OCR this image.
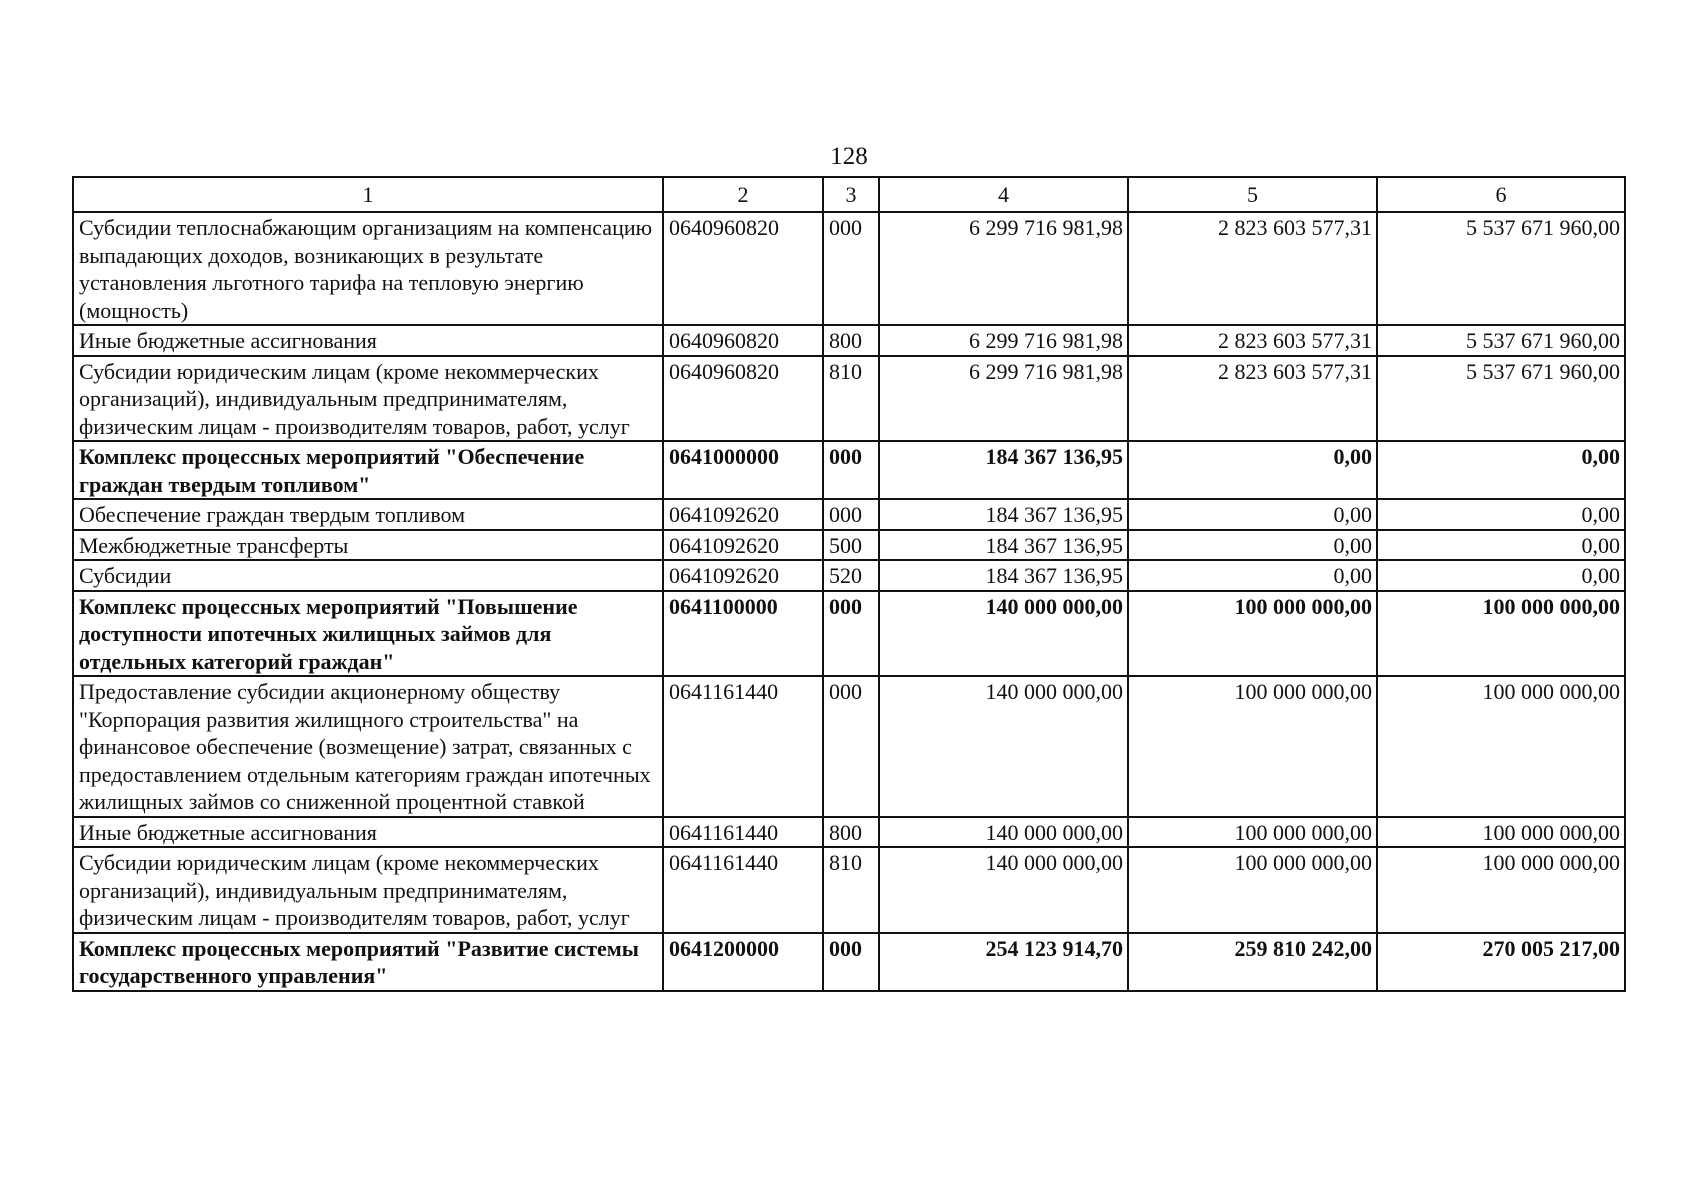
128
1	2	3	4	5	6
Субсидии теплоснабжающим организациям на компенсацию выпадающих доходов, возникающих в результате установления льготного тарифа на тепловую энергию (мощность)	0640960820	000	6 299 716 981,98	2 823 603 577,31	5 537 671 960,00
Иные бюджетные ассигнования	0640960820	800	6 299 716 981,98	2 823 603 577,31	5 537 671 960,00
Субсидии юридическим лицам (кроме некоммерческих организаций), индивидуальным предпринимателям, физическим лицам - производителям товаров, работ, услуг	0640960820	810	6 299 716 981,98	2 823 603 577,31	5 537 671 960,00
Комплекс процессных мероприятий "Обеспечение граждан твердым топливом"	0641000000	000	184 367 136,95	0,00	0,00
Обеспечение граждан твердым топливом	0641092620	000	184 367 136,95	0,00	0,00
Межбюджетные трансферты	0641092620	500	184 367 136,95	0,00	0,00
Субсидии	0641092620	520	184 367 136,95	0,00	0,00
Комплекс процессных мероприятий "Повышение доступности ипотечных жилищных займов для отдельных категорий граждан"	0641100000	000	140 000 000,00	100 000 000,00	100 000 000,00
Предоставление субсидии акционерному обществу "Корпорация развития жилищного строительства" на финансовое обеспечение (возмещение) затрат, связанных с предоставлением отдельным категориям граждан ипотечных жилищных займов со сниженной процентной ставкой	0641161440	000	140 000 000,00	100 000 000,00	100 000 000,00
Иные бюджетные ассигнования	0641161440	800	140 000 000,00	100 000 000,00	100 000 000,00
Субсидии юридическим лицам (кроме некоммерческих организаций), индивидуальным предпринимателям, физическим лицам - производителям товаров, работ, услуг	0641161440	810	140 000 000,00	100 000 000,00	100 000 000,00
Комплекс процессных мероприятий "Развитие системы государственного управления"	0641200000	000	254 123 914,70	259 810 242,00	270 005 217,00
